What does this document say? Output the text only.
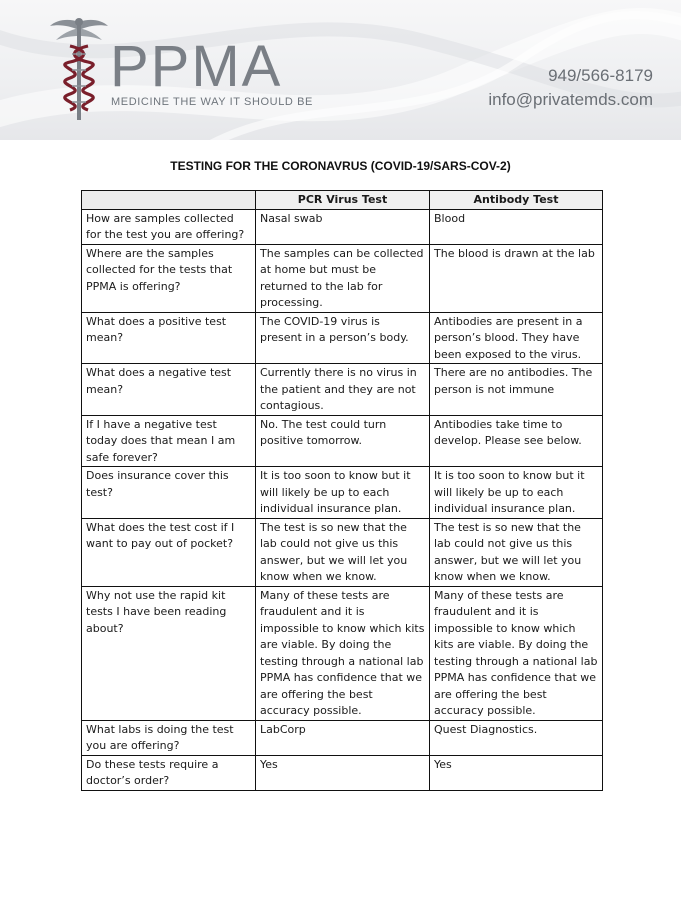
PPMA
MEDICINE THE WAY IT SHOULD BE
949/566-8179
info@privatemds.com
TESTING FOR THE CORONAVRUS (COVID-19/SARS-COV-2)
	PCR Virus Test	Antibody Test
How are samples collected for the test you are offering?	Nasal swab	Blood
Where are the samples collected for the tests that PPMA is offering?	The samples can be collected at home but must be returned to the lab for processing.	The blood is drawn at the lab
What does a positive test mean?	The COVID-19 virus is present in a person’s body.	Antibodies are present in a person’s blood. They have been exposed to the virus.
What does a negative test mean?	Currently there is no virus in the patient and they are not contagious.	There are no antibodies. The person is not immune
If I have a negative test today does that mean I am safe forever?	No. The test could turn positive tomorrow.	Antibodies take time to develop. Please see below.
Does insurance cover this test?	It is too soon to know but it will likely be up to each individual insurance plan.	It is too soon to know but it will likely be up to each individual insurance plan.
What does the test cost if I want to pay out of pocket?	The test is so new that the lab could not give us this answer, but we will let you know when we know.	The test is so new that the lab could not give us this answer, but we will let you know when we know.
Why not use the rapid kit tests I have been reading about?	Many of these tests are fraudulent and it is impossible to know which kits are viable. By doing the testing through a national lab PPMA has confidence that we are offering the best accuracy possible.	Many of these tests are fraudulent and it is impossible to know which kits are viable. By doing the testing through a national lab PPMA has confidence that we are offering the best accuracy possible.
What labs is doing the test you are offering?	LabCorp	Quest Diagnostics.
Do these tests require a doctor’s order?	Yes	Yes
